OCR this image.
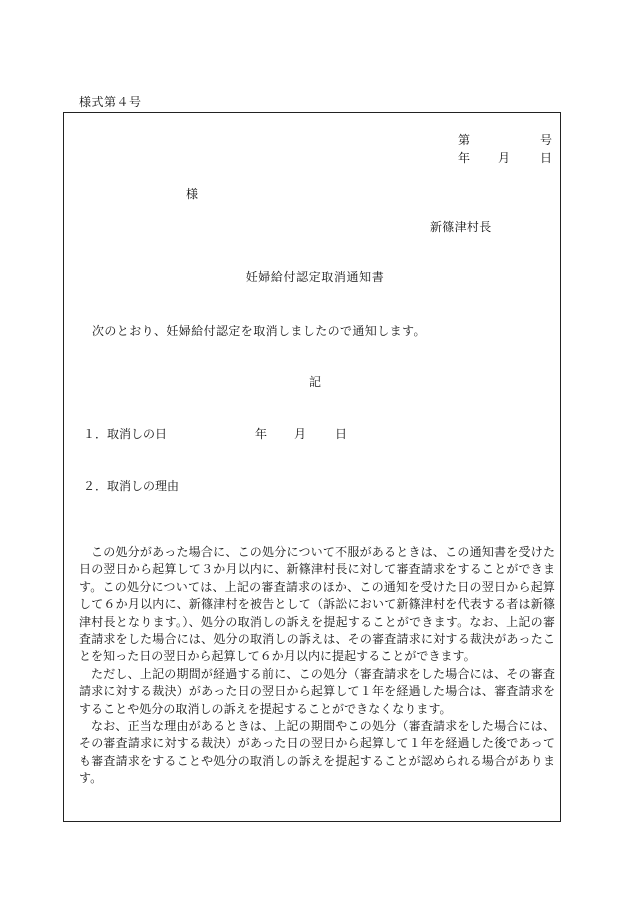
様式第４号
第	号
年 月 日
様
新篠津村長
妊婦給付認定取消通知書
次のとおり、妊婦給付認定を取消しましたので通知します。
記
１．取消しの日	年 月 日
２．取消しの理由

この処分があった場合に、この処分について不服があるときは、この通知書を受けた日の翌日から起算して３か月以内に、新篠津村長に対して審査請求をすることができます。この処分については、上記の審査請求のほか、この通知を受けた日の翌日から起算して６か月以内に、新篠津村を被告として（訴訟において新篠津村を代表する者は新篠津村長となります。）、処分の取消しの訴えを提起することができます。なお、上記の審査請求をした場合には、処分の取消しの訴えは、その審査請求に対する裁決があったことを知った日の翌日から起算して６か月以内に提起することができます。

ただし、上記の期間が経過する前に、この処分（審査請求をした場合には、その審査請求に対する裁決）があった日の翌日から起算して１年を経過した場合は、審査請求をすることや処分の取消しの訴えを提起することができなくなります。

なお、正当な理由があるときは、上記の期間やこの処分（審査請求をした場合には、その審査請求に対する裁決）があった日の翌日から起算して１年を経過した後であっても審査請求をすることや処分の取消しの訴えを提起することが認められる場合があります。
